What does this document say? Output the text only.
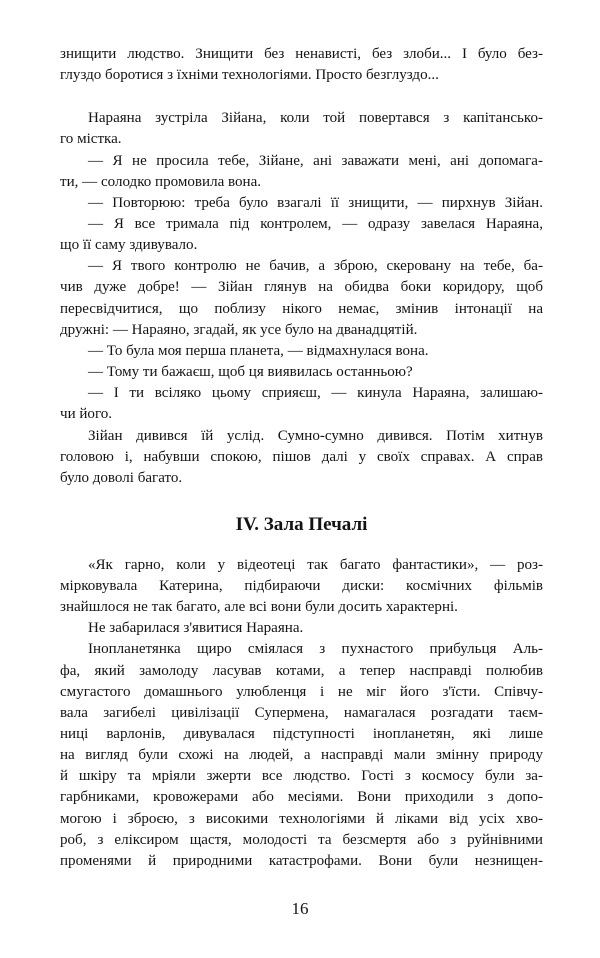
знищити людство. Знищити без ненависті, без злоби... І було без-
глуздо боротися з їхніми технологіями. Просто безглуздо...
Нараяна зустріла Зійана, коли той повертався з капітансько-
го містка.
— Я не просила тебе, Зійане, ані заважати мені, ані допомага-
ти, — солодко промовила вона.
— Повторюю: треба було взагалі її знищити, — пирхнув Зійан.
— Я все тримала під контролем, — одразу завелася Нараяна,
що її саму здивувало.
— Я твого контролю не бачив, а зброю, скеровану на тебе, ба-
чив дуже добре! — Зійан глянув на обидва боки коридору, щоб
пересвідчитися, що поблизу нікого немає, змінив інтонації на
дружні: — Нараяно, згадай, як усе було на дванадцятій.
— То була моя перша планета, — відмахнулася вона.
— Тому ти бажаєш, щоб ця виявилась останньою?
— І ти всіляко цьому сприяєш, — кинула Нараяна, залишаю-
чи його.
Зійан дивився їй услід. Сумно-сумно дивився. Потім хитнув
головою і, набувши спокою, пішов далі у своїх справах. А справ
було доволі багато.
IV. Зала Печалі
«Як гарно, коли у відеотеці так багато фантастики», — роз-
мірковувала Катерина, підбираючи диски: космічних фільмів
знайшлося не так багато, але всі вони були досить характерні.
Не забарилася з'явитися Нараяна.
Інопланетянка щиро сміялася з пухнастого прибульця Аль-
фа, який замолоду ласував котами, а тепер насправді полюбив
смугастого домашнього улюбленця і не міг його з'їсти. Співчу-
вала загибелі цивілізації Супермена, намагалася розгадати таєм-
ниці варлонів, дивувалася підступності інопланетян, які лише
на вигляд були схожі на людей, а насправді мали змінну природу
й шкіру та мріяли зжерти все людство. Гості з космосу були за-
гарбниками, кровожерами або месіями. Вони приходили з допо-
могою і зброєю, з високими технологіями й ліками від усіх хво-
роб, з еліксиром щастя, молодості та безсмертя або з руйнівними
променями й природними катастрофами. Вони були незнищен-
16
